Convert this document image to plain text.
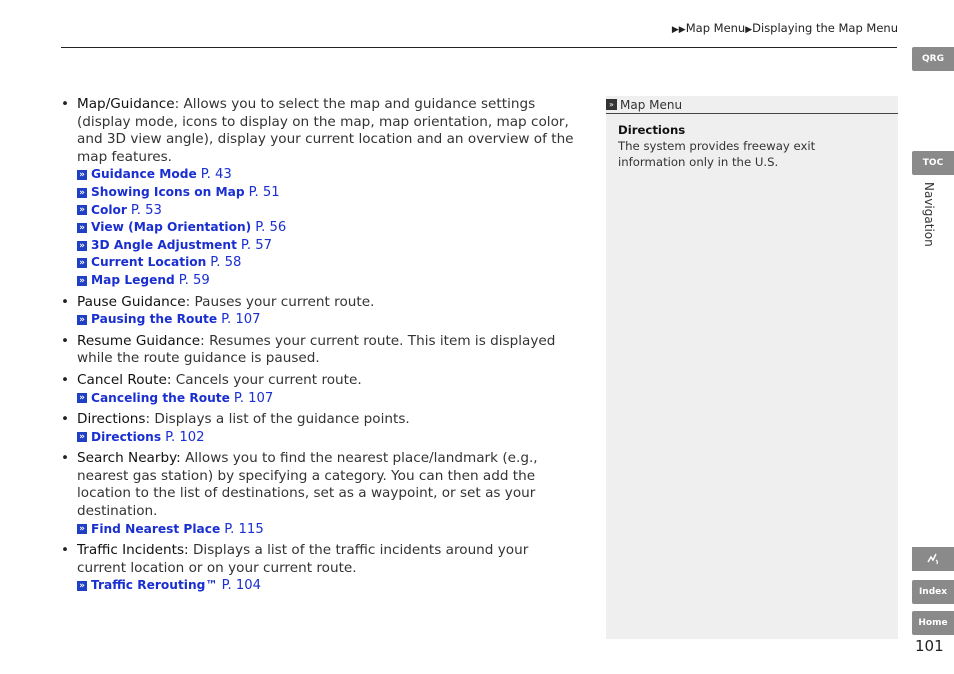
▶▶Map Menu▶Displaying the Map Menu
QRG
TOC
Navigation
Index
Home
101
• Map/Guidance: Allows you to select the map and guidance settings (display mode, icons to display on the map, map orientation, map color, and 3D view angle), display your current location and an overview of the map features.
» Guidance Mode P. 43
» Showing Icons on Map P. 51
» Color P. 53
» View (Map Orientation) P. 56
» 3D Angle Adjustment P. 57
» Current Location P. 58
» Map Legend P. 59
• Pause Guidance: Pauses your current route.
» Pausing the Route P. 107
• Resume Guidance: Resumes your current route. This item is displayed while the route guidance is paused.
• Cancel Route: Cancels your current route.
» Canceling the Route P. 107
• Directions: Displays a list of the guidance points.
» Directions P. 102
• Search Nearby: Allows you to find the nearest place/landmark (e.g., nearest gas station) by specifying a category. You can then add the location to the list of destinations, set as a waypoint, or set as your destination.
» Find Nearest Place P. 115
• Traffic Incidents: Displays a list of the traffic incidents around your current location or on your current route.
» Traffic Rerouting™ P. 104
» Map Menu
Directions
The system provides freeway exit information only in the U.S.
